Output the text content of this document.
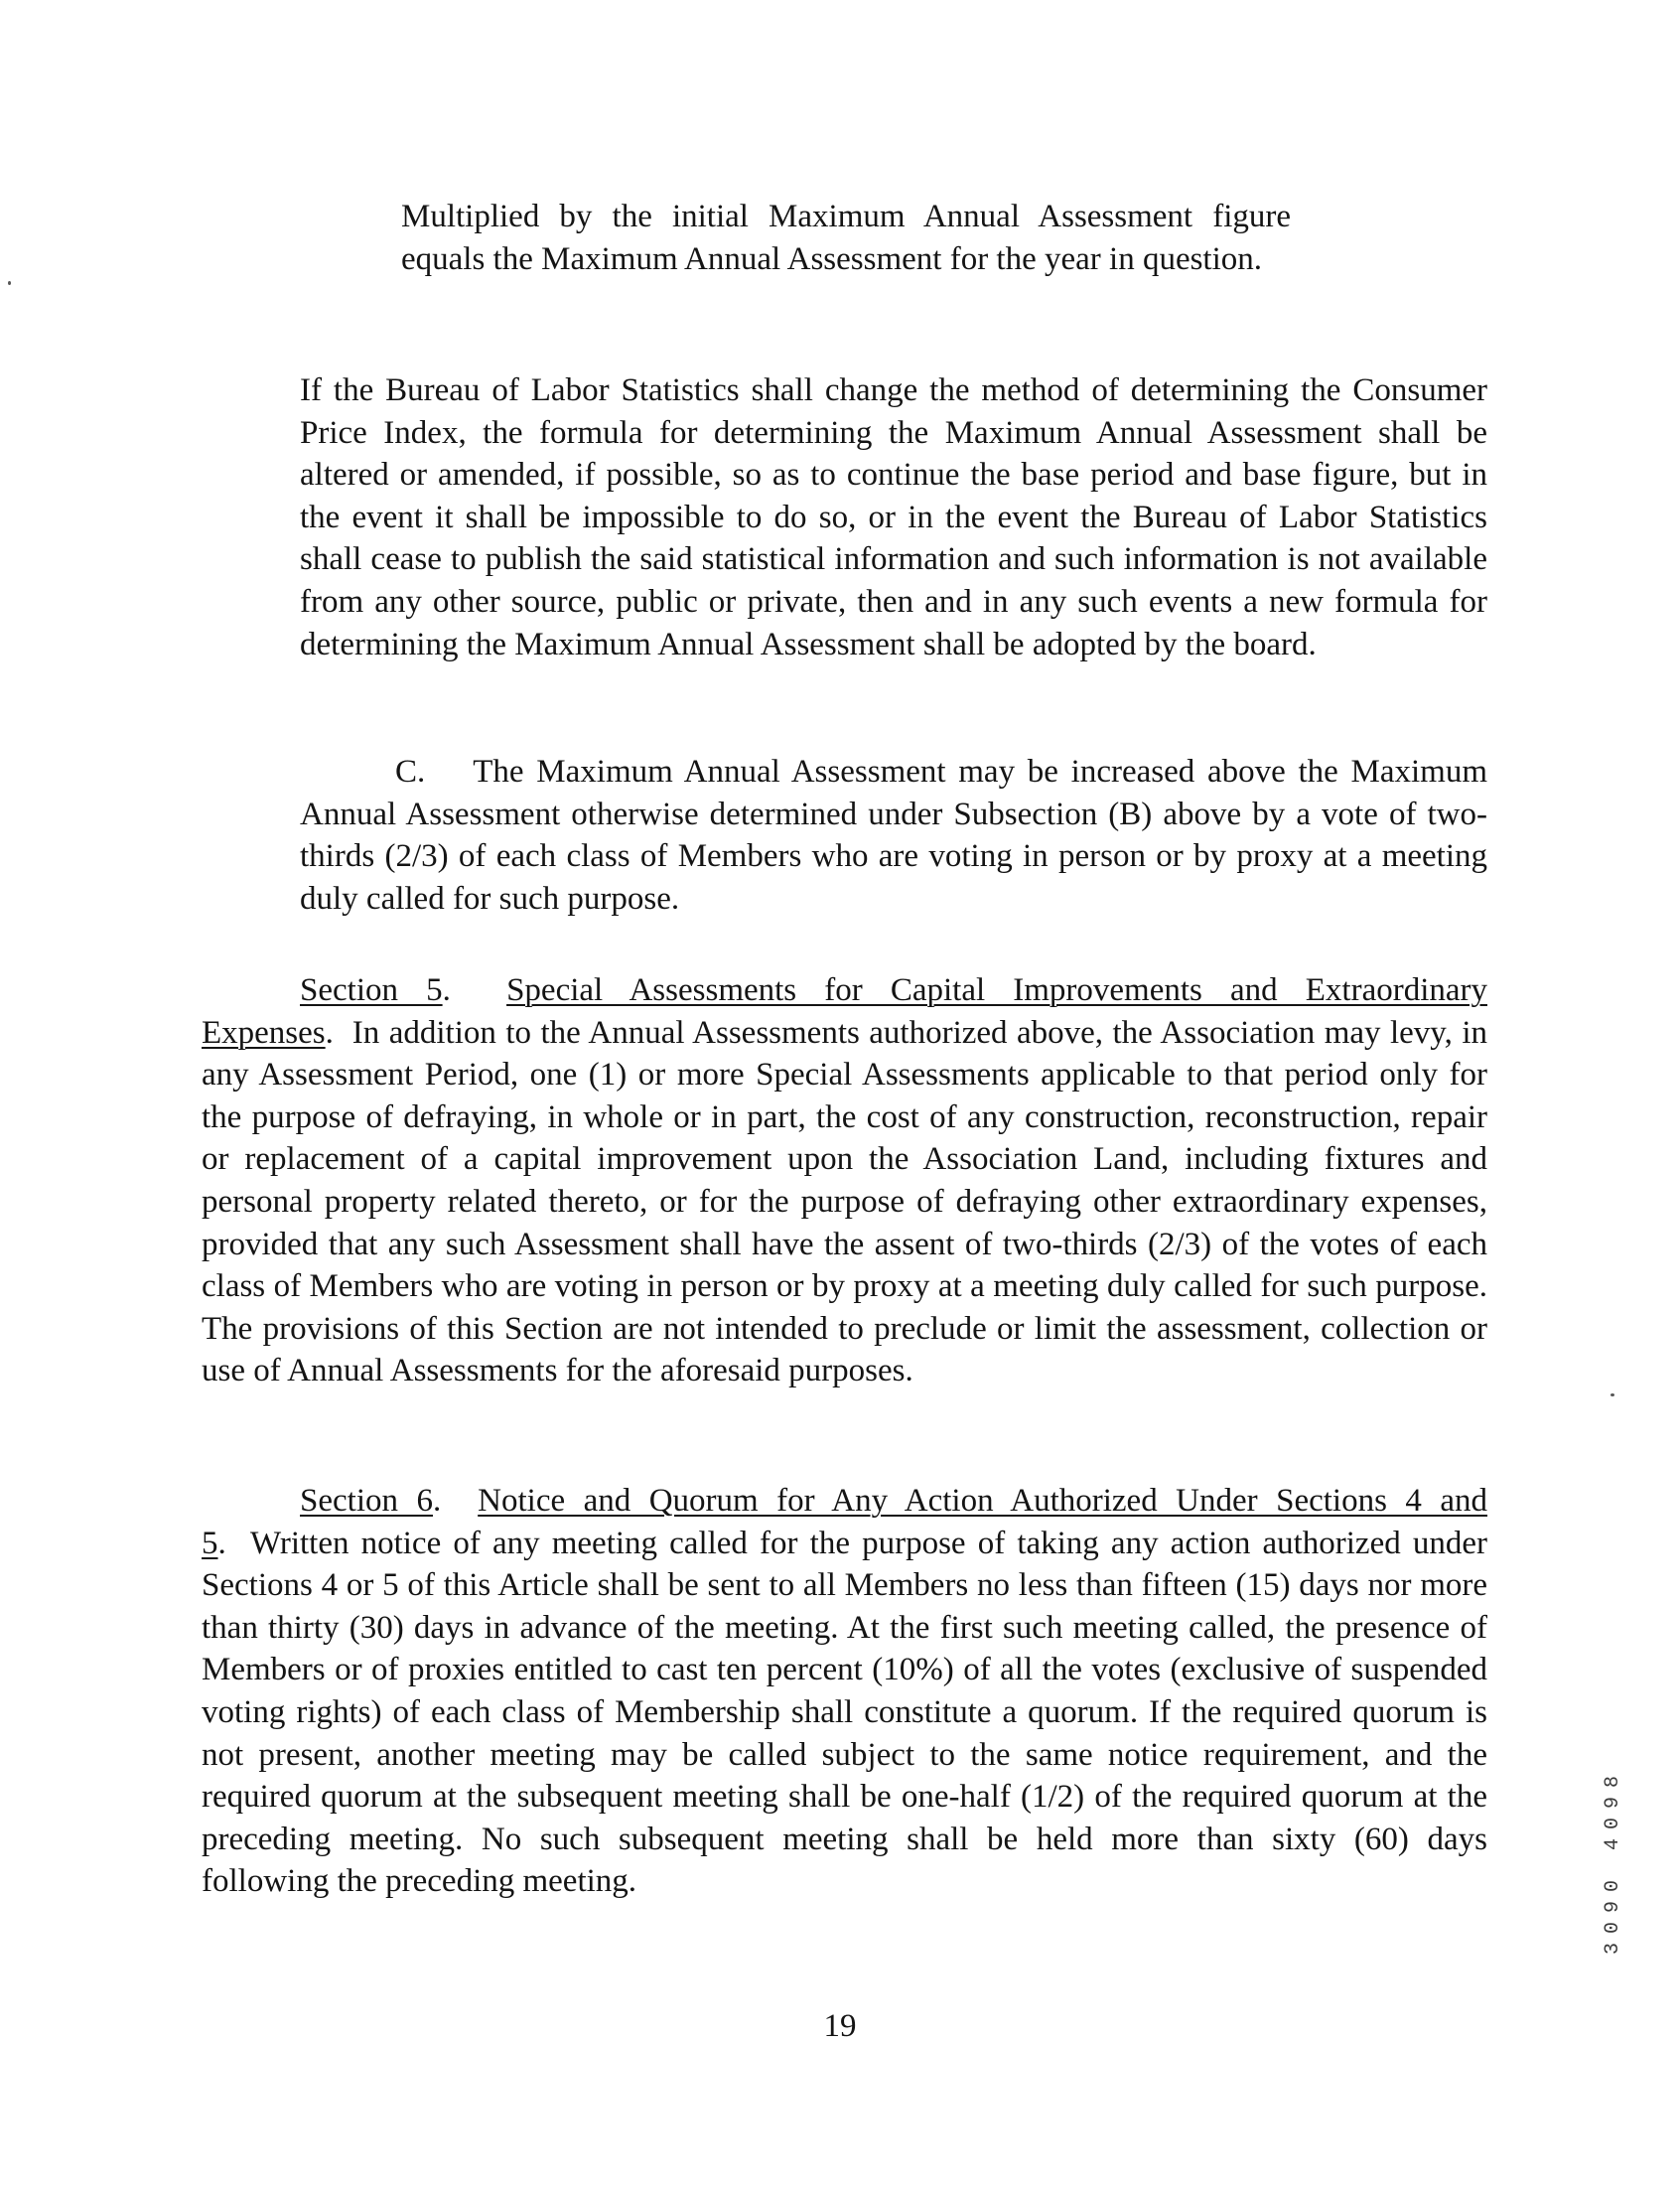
Multiplied by the initial Maximum Annual Assessment figure equals the Maximum Annual Assessment for the year in question.

If the Bureau of Labor Statistics shall change the method of determining the Consumer Price Index, the formula for determining the Maximum Annual Assessment shall be altered or amended, if possible, so as to continue the base period and base figure, but in the event it shall be impossible to do so, or in the event the Bureau of Labor Statistics shall cease to publish the said statistical information and such information is not available from any other source, public or private, then and in any such events a new formula for determining the Maximum Annual Assessment shall be adopted by the board.

C. The Maximum Annual Assessment may be increased above the Maximum Annual Assessment otherwise determined under Subsection (B) above by a vote of two-thirds (2/3) of each class of Members who are voting in person or by proxy at a meeting duly called for such purpose.

Section 5.  Special Assessments for Capital Improvements and Extraordinary Expenses.  In addition to the Annual Assessments authorized above, the Association may levy, in any Assessment Period, one (1) or more Special Assessments applicable to that period only for the purpose of defraying, in whole or in part, the cost of any construction, reconstruction, repair or replacement of a capital improvement upon the Association Land, including fixtures and personal property related thereto, or for the purpose of defraying other extraordinary expenses, provided that any such Assessment shall have the assent of two-thirds (2/3) of the votes of each class of Members who are voting in person or by proxy at a meeting duly called for such purpose. The provisions of this Section are not intended to preclude or limit the assessment, collection or use of Annual Assessments for the aforesaid purposes.

Section 6.  Notice and Quorum for Any Action Authorized Under Sections 4 and 5.  Written notice of any meeting called for the purpose of taking any action authorized under Sections 4 or 5 of this Article shall be sent to all Members no less than fifteen (15) days nor more than thirty (30) days in advance of the meeting. At the first such meeting called, the presence of Members or of proxies entitled to cast ten percent (10%) of all the votes (exclusive of suspended voting rights) of each class of Membership shall constitute a quorum. If the required quorum is not present, another meeting may be called subject to the same notice requirement, and the required quorum at the subsequent meeting shall be one-half (1/2) of the required quorum at the preceding meeting. No such subsequent meeting shall be held more than sixty (60) days following the preceding meeting.

19
3090 4098
